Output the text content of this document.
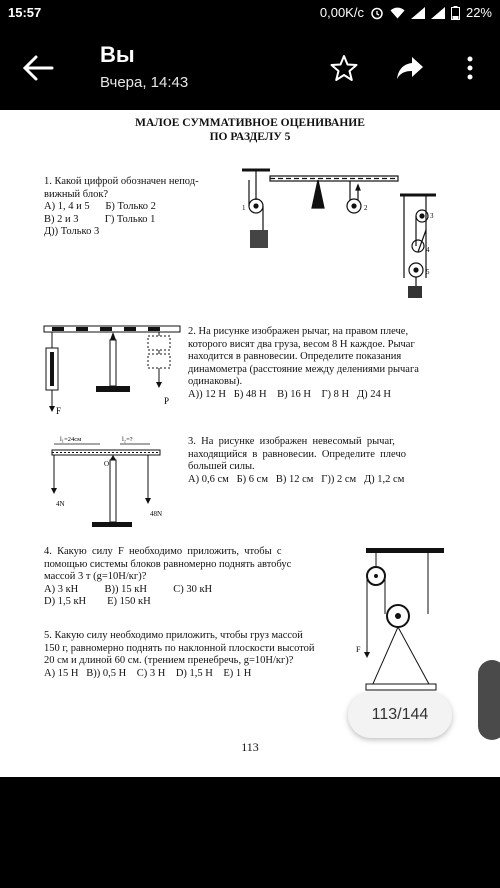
15:57	0,00K/c	22%
Вы
Вчера, 14:43
МАЛОЕ СУММАТИВНОЕ ОЦЕНИВАНИЕ
ПО РАЗДЕЛУ 5

1. Какой цифрой обозначен непод-

вижный блок?

А) 1, 4 и 5      Б) Только 2

В) 2 и 3          Г) Только 1

Д)) Только 3

1	2
3
4
5
F
P

2. На рисунке изображен рычаг, на правом плече,

которого висят два груза, весом 8 Н каждое. Рычаг

находится в равновесии. Определите показания

динамометра (расстояние между делениями рычага

одинаковы).

А)) 12 Н   Б) 48 Н    В) 16 Н    Г) 8 Н   Д) 24 Н

l₁=24см	l₂=?
O
4N
48N

3.  На  рисунке  изображен  невесомый  рычаг,

находящийся  в  равновесии.  Определите  плечо

большей силы.

А) 0,6 см   Б) 6 см   В) 12 см   Г)) 2 см   Д) 1,2 см

4.  Какую  силу  F  необходимо  приложить,  чтобы  с

помощью системы блоков равномерно поднять автобус

массой 3 т (g=10Н/кг)?

А) 3 кН          В)) 15 кН          С) 30 кН

D) 1,5 кН        Е) 150 кН

F

5. Какую силу необходимо приложить, чтобы груз массой

150 г, равномерно поднять по наклонной плоскости высотой

20 см и длиной 60 см. (трением пренебречь, g=10Н/кг)?

А) 15 Н   В)) 0,5 Н    С) 3 Н    D) 1,5 Н    Е) 1 Н

113
113/144
